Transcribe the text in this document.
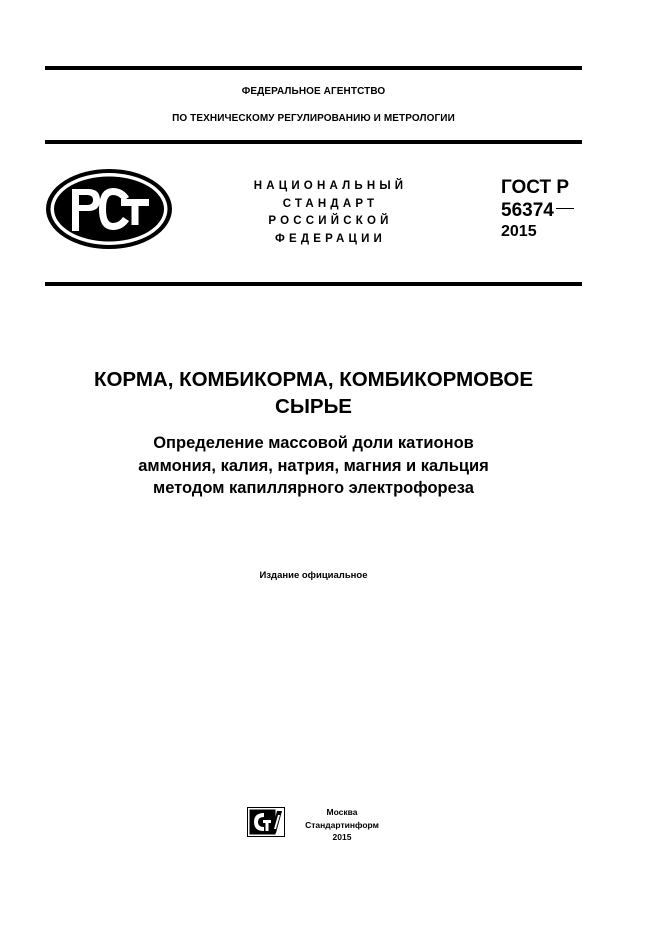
ФЕДЕРАЛЬНОЕ АГЕНТСТВО
ПО ТЕХНИЧЕСКОМУ РЕГУЛИРОВАНИЮ И МЕТРОЛОГИИ
НАЦИОНАЛЬНЫЙ
СТАНДАРТ
РОССИЙСКОЙ
ФЕДЕРАЦИИ
ГОСТ Р
56374
2015
КОРМА, КОМБИКОРМА, КОМБИКОРМОВОЕ
СЫРЬЕ
Определение массовой доли катионов
аммония, калия, натрия, магния и кальция
методом капиллярного электрофореза
Издание официальное
Москва
Стандартинформ
2015
